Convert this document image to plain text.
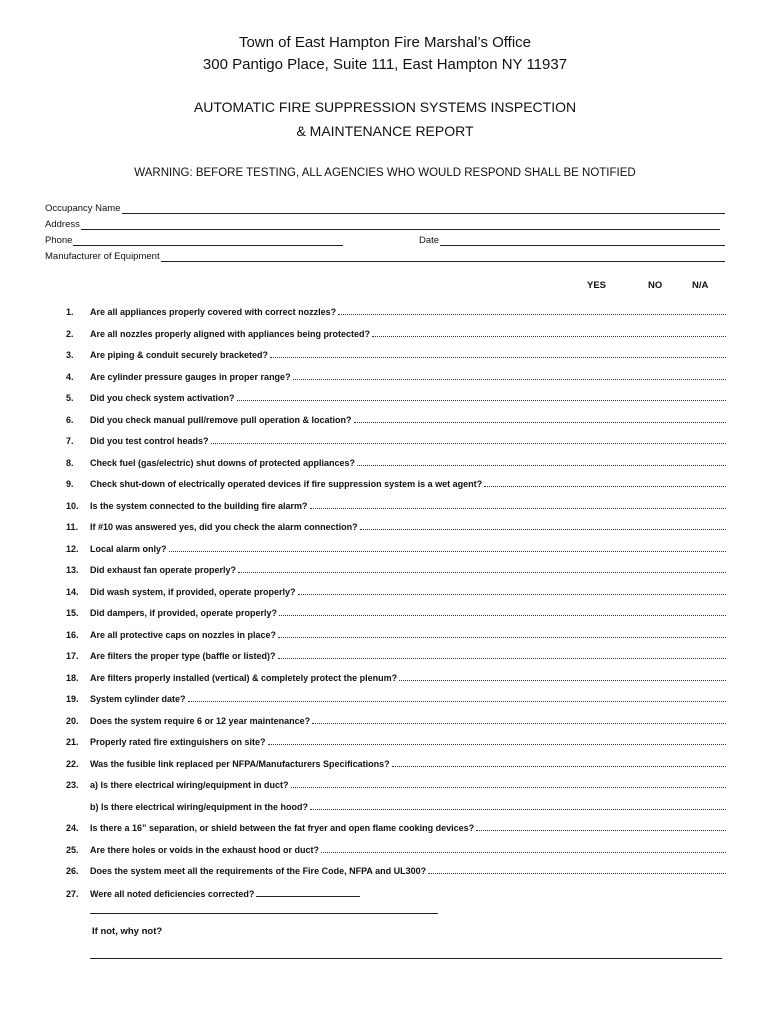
Town of East Hampton Fire Marshal’s Office
300 Pantigo Place, Suite 111, East Hampton NY 11937
AUTOMATIC FIRE SUPPRESSION SYSTEMS INSPECTION
& MAINTENANCE REPORT
WARNING: BEFORE TESTING, ALL AGENCIES WHO WOULD RESPOND SHALL BE NOTIFIED
Occupancy Name
Address
Phone	Date
Manufacturer of Equipment
YES	NO	N/A
1.	Are all appliances properly covered with correct nozzles?
2.	Are all nozzles properly aligned with appliances being protected?
3.	Are piping & conduit securely bracketed?
4.	Are cylinder pressure gauges in proper range?
5.	Did you check system activation?
6.	Did you check manual pull/remove pull operation & location?
7.	Did you test control heads?
8.	Check fuel (gas/electric) shut downs of protected appliances?
9.	Check shut-down of electrically operated devices if fire suppression system is a wet agent?
10.	Is the system connected to the building fire alarm?
11.	If #10 was answered yes, did you check the alarm connection?
12.	Local alarm only?
13.	Did exhaust fan operate properly?
14.	Did wash system, if provided, operate properly?
15.	Did dampers, if provided, operate properly?
16.	Are all protective caps on nozzles in place?
17.	Are filters the proper type (baffle or listed)?
18.	Are filters properly installed (vertical) & completely protect the plenum?
19.	System cylinder date?
20.	Does the system require 6 or 12 year maintenance?
21.	Properly rated fire extinguishers on site?
22.	Was the fusible link replaced per NFPA/Manufacturers Specifications?
23.	a) Is there electrical wiring/equipment in duct?
b) Is there electrical wiring/equipment in the hood?
24.	Is there a 16” separation, or shield between the fat fryer and open flame cooking devices?
25.	Are there holes or voids in the exhaust hood or duct?
26.	Does the system meet all the requirements of the Fire Code, NFPA and UL300?
27.	Were all noted deficiencies corrected?
If not, why not?
